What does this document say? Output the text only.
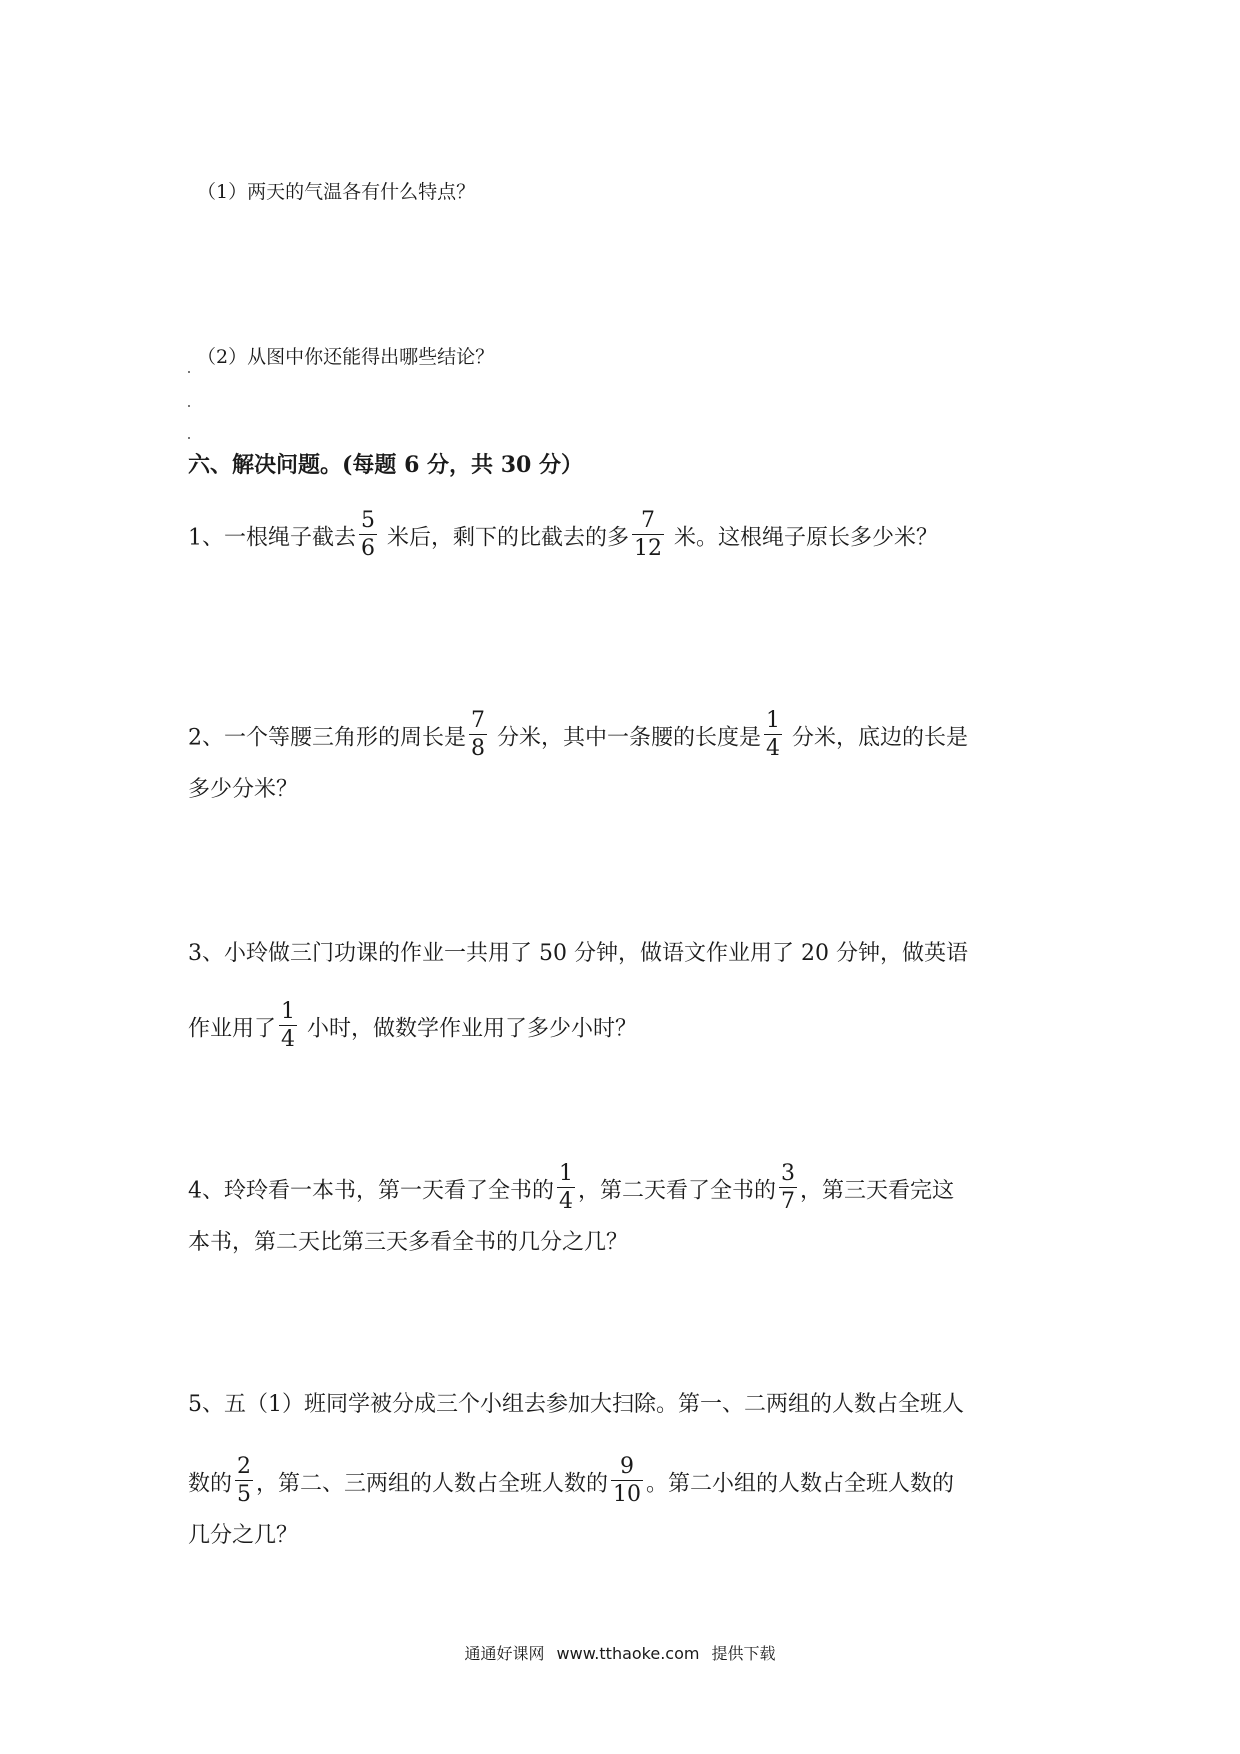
（1）两天的气温各有什么特点？
（2）从图中你还能得出哪些结论？
六、解决问题。(每题 6 分，共 30 分）
1、一根绳子截去 $\frac{5}{6}$ 米后，剩下的比截去的多 $\frac{7}{12}$ 米。这根绳子原长多少米？
2、一个等腰三角形的周长是 $\frac{7}{8}$ 分米，其中一条腰的长度是 $\frac{1}{4}$ 分米，底边的长是
多少分米？
3、小玲做三门功课的作业一共用了 50 分钟，做语文作业用了 20 分钟，做英语
作业用了 $\frac{1}{4}$ 小时，做数学作业用了多少小时？
4、玲玲看一本书，第一天看了全书的 $\frac{1}{4}$ ，第二天看了全书的 $\frac{3}{7}$ ，第三天看完这
本书，第二天比第三天多看全书的几分之几？
5、五（1）班同学被分成三个小组去参加大扫除。第一、二两组的人数占全班人
数的 $\frac{2}{5}$ ，第二、三两组的人数占全班人数的 $\frac{9}{10}$ 。第二小组的人数占全班人数的
几分之几？
通通好课网 www.tthaoke.com 提供下载
